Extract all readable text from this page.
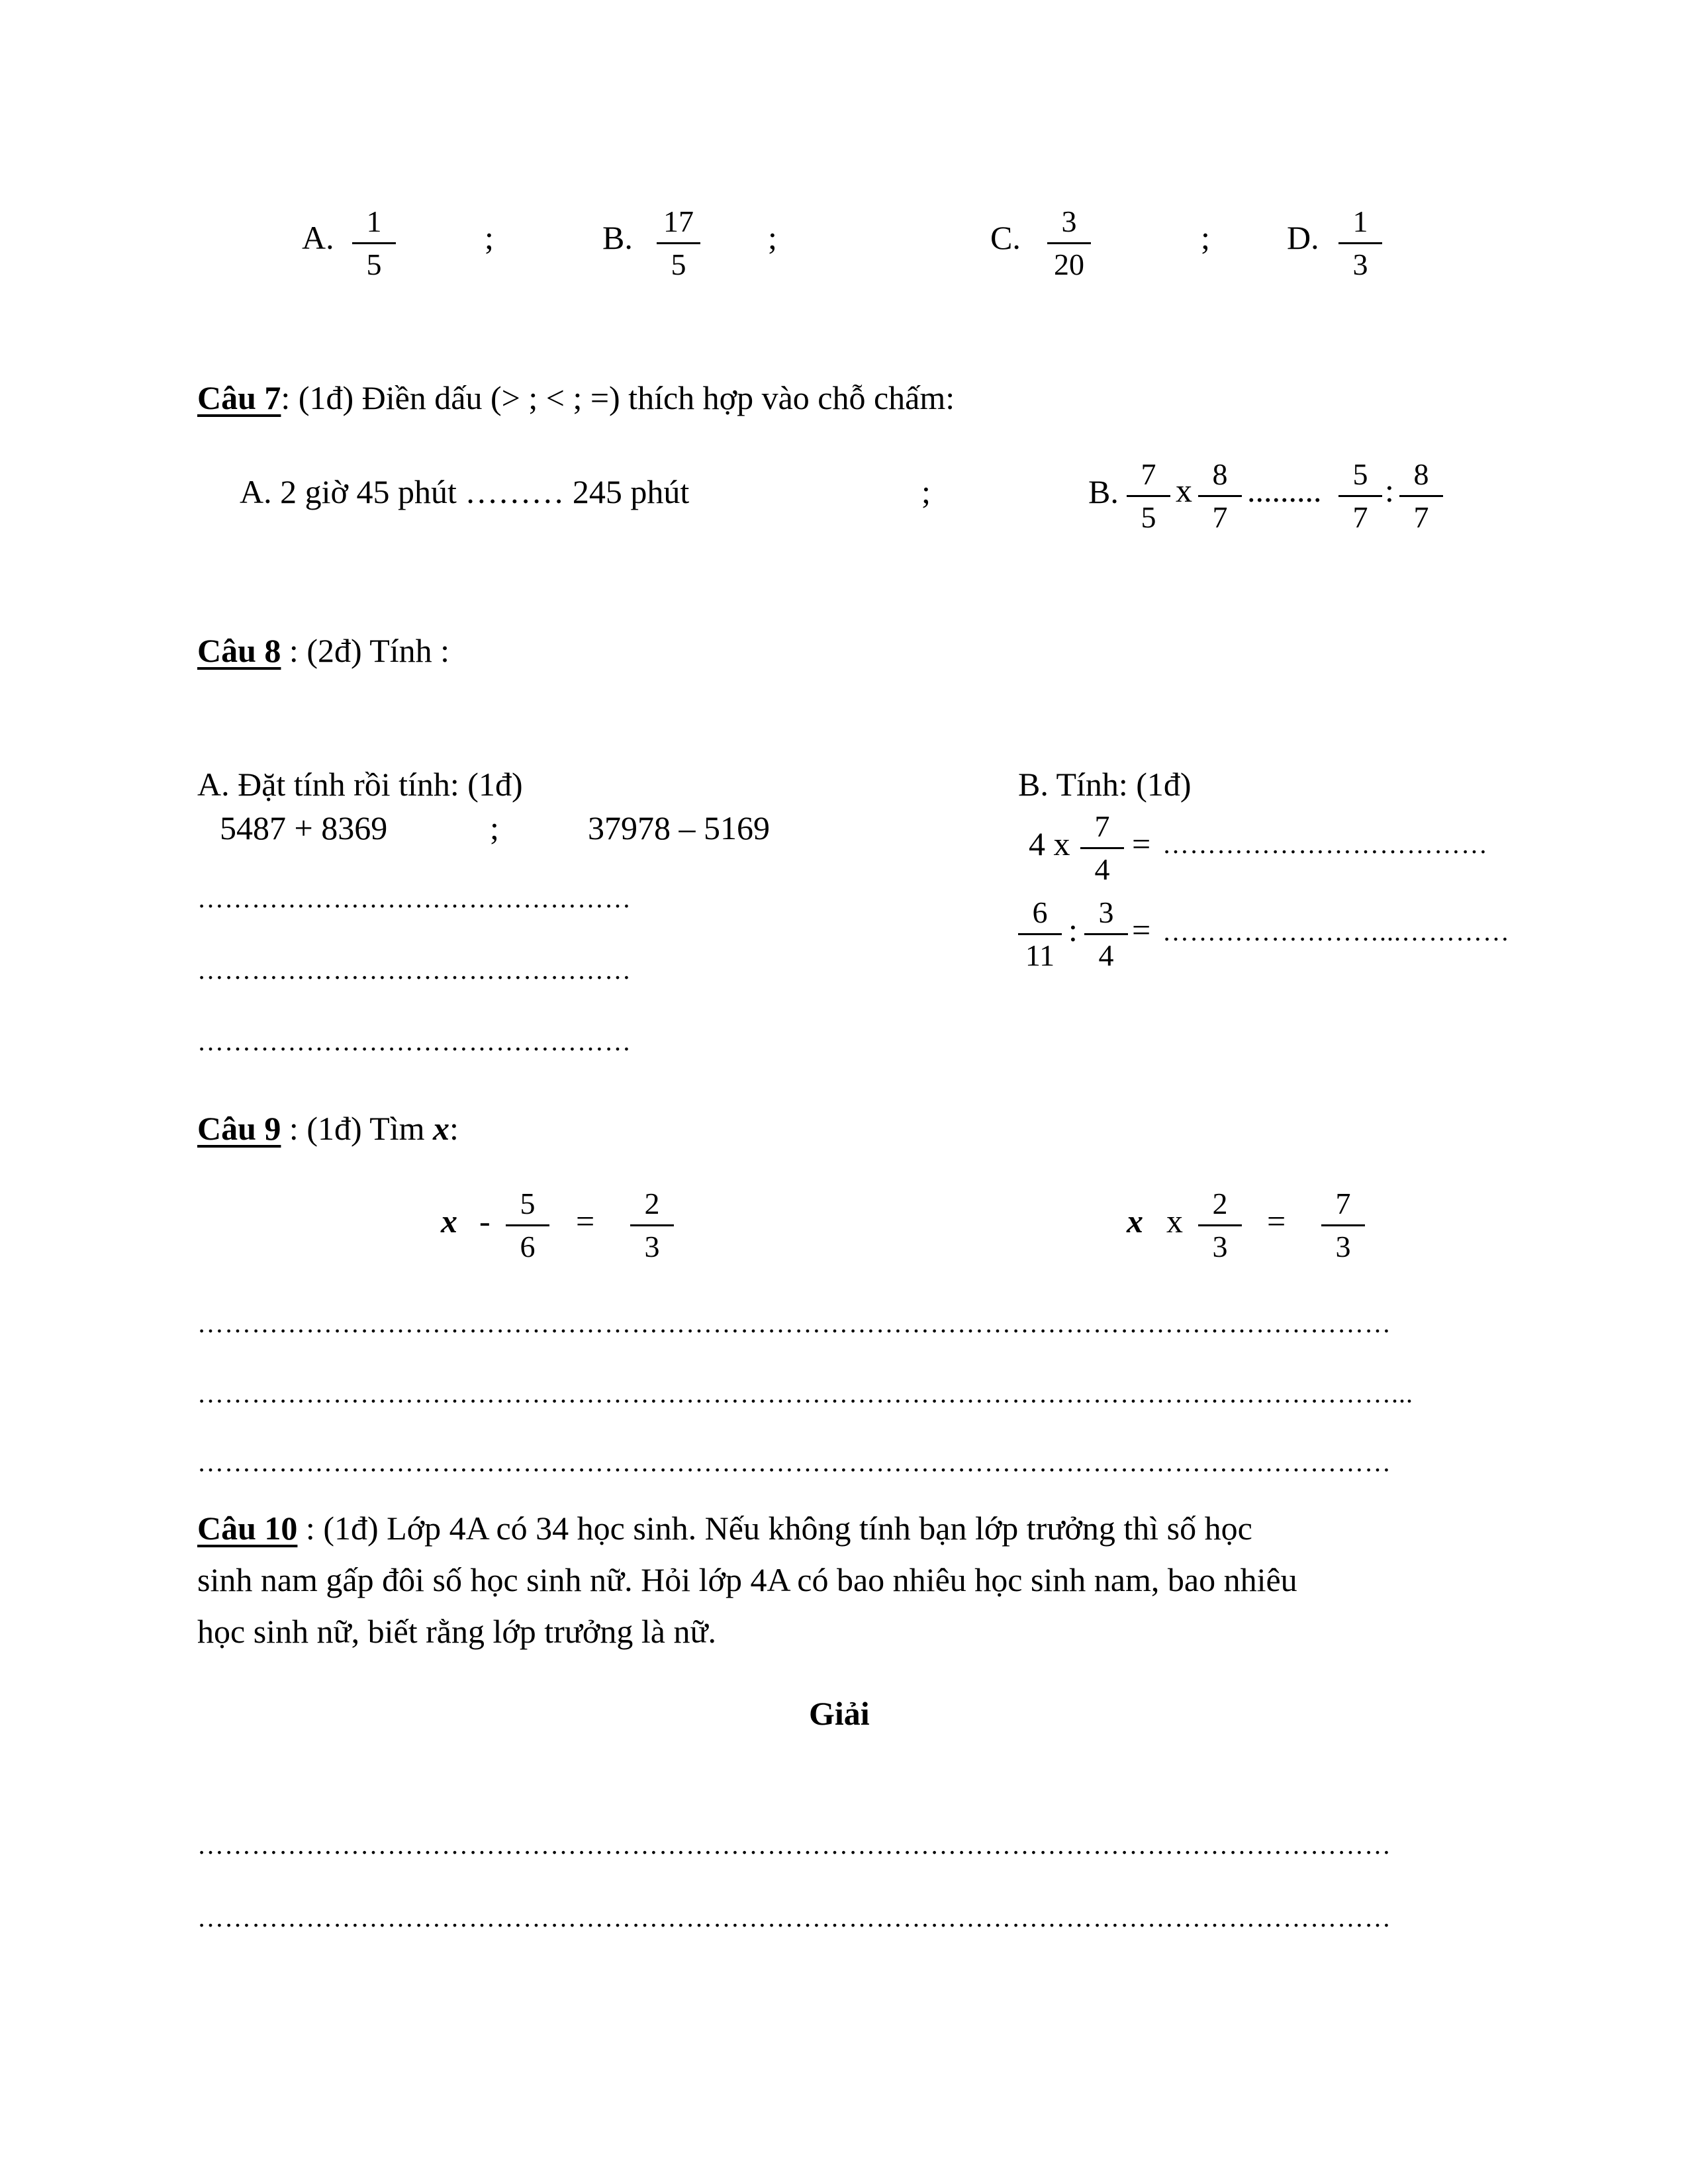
A.	1
5
;	B.	17
5
;	C.	3
20
; D.	1
3
Câu 7: (1đ) Điền dấu (> ; < ; =) thích hợp vào chỗ chấm:
A. 2 giờ 45 phút ……… 245 phút	;	B. 7
5
x 8
7
.........	5
7
: 8
7
Câu 8 : (2đ) Tính :
A. Đặt tính rồi tính: (1đ)
5487 + 8369	;	37978 – 5169
…………………………………………
…………………………………………
…………………………………………
B. Tính: (1đ)
4 x 7
4
= ………………………………
6
11
: 3
4
= ……………………...…………
Câu 9 : (1đ) Tìm x:
x - 5
6
=	2
3
x x 2
3
=	7
3
……………………………………………………………………………………………………………………
……………………………………………………………………………………………………………………...
……………………………………………………………………………………………………………………
Câu 10 : (1đ) Lớp 4A có 34 học sinh. Nếu không tính bạn lớp trưởng thì số học
sinh nam gấp đôi số học sinh nữ. Hỏi lớp 4A có bao nhiêu học sinh nam, bao nhiêu
học sinh nữ, biết rằng lớp trưởng là nữ.
Giải
……………………………………………………………………………………………………………………
……………………………………………………………………………………………………………………
